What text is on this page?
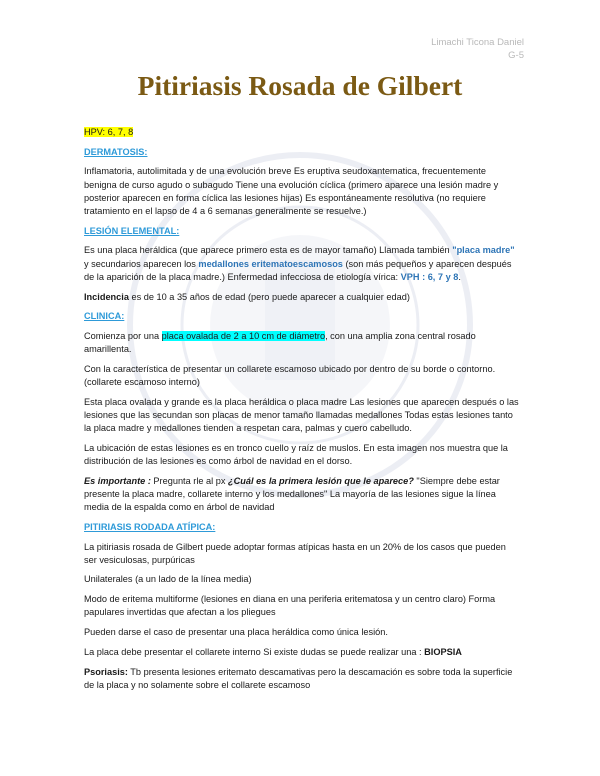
Limachi Ticona Daniel
G-5
Pitiriasis Rosada de Gilbert

HPV: 6, 7, 8

DERMATOSIS:

Inflamatoria, autolimitada y de una evolución breve Es eruptiva seudoxantematica, frecuentemente benigna de curso agudo o subagudo Tiene una evolución cíclica (primero aparece una lesión madre y posterior aparecen en forma cíclica las lesiones hijas) Es espontáneamente resolutiva (no requiere tratamiento en el lapso de 4 a 6 semanas generalmente se resuelve.)

LESIÓN ELEMENTAL:

Es una placa heráldica (que aparece primero esta es de mayor tamaño) Llamada también "placa madre" y secundarios aparecen los medallones eritematoescamosos (son más pequeños y aparecen después de la aparición de la placa madre.) Enfermedad infecciosa de etiología vírica: VPH : 6, 7 y 8.

Incidencia es de 10 a 35 años de edad (pero puede aparecer a cualquier edad)

CLINICA:

Comienza por una placa ovalada de 2 a 10 cm de diámetro, con una amplia zona central rosado amarillenta.

Con la característica de presentar un collarete escamoso ubicado por dentro de su borde o contorno. (collarete escamoso interno)

Esta placa ovalada y grande es la placa heráldica o placa madre Las lesiones que aparecen después o las lesiones que las secundan son placas de menor tamaño llamadas medallones Todas estas lesiones tanto la placa madre y medallones tienden a respetan cara, palmas y cuero cabelludo.

La ubicación de estas lesiones es en tronco cuello y raíz de muslos. En esta imagen nos muestra que la distribución de las lesiones es como árbol de navidad en el dorso.

Es importante : Pregunta rle al px ¿Cuál es la primera lesión que le aparece? "Siempre debe estar presente la placa madre, collarete interno y los medallones" La mayoría de las lesiones sigue la línea media de la espalda como en árbol de navidad

PITIRIASIS RODADA ATÍPICA:

La pitiriasis rosada de Gilbert puede adoptar formas atípicas hasta en un 20% de los casos que pueden ser vesiculosas, purpúricas

Unilaterales (a un lado de la línea media)

Modo de eritema multiforme (lesiones en diana en una periferia eritematosa y un centro claro) Forma papulares invertidas que afectan a los pliegues

Pueden darse el caso de presentar una placa heráldica como única lesión.

La placa debe presentar el collarete interno Si existe dudas se puede realizar una : BIOPSIA

Psoriasis: Tb presenta lesiones eritemato descamativas pero la descamación es sobre toda la superficie de la placa y no solamente sobre el collarete escamoso
